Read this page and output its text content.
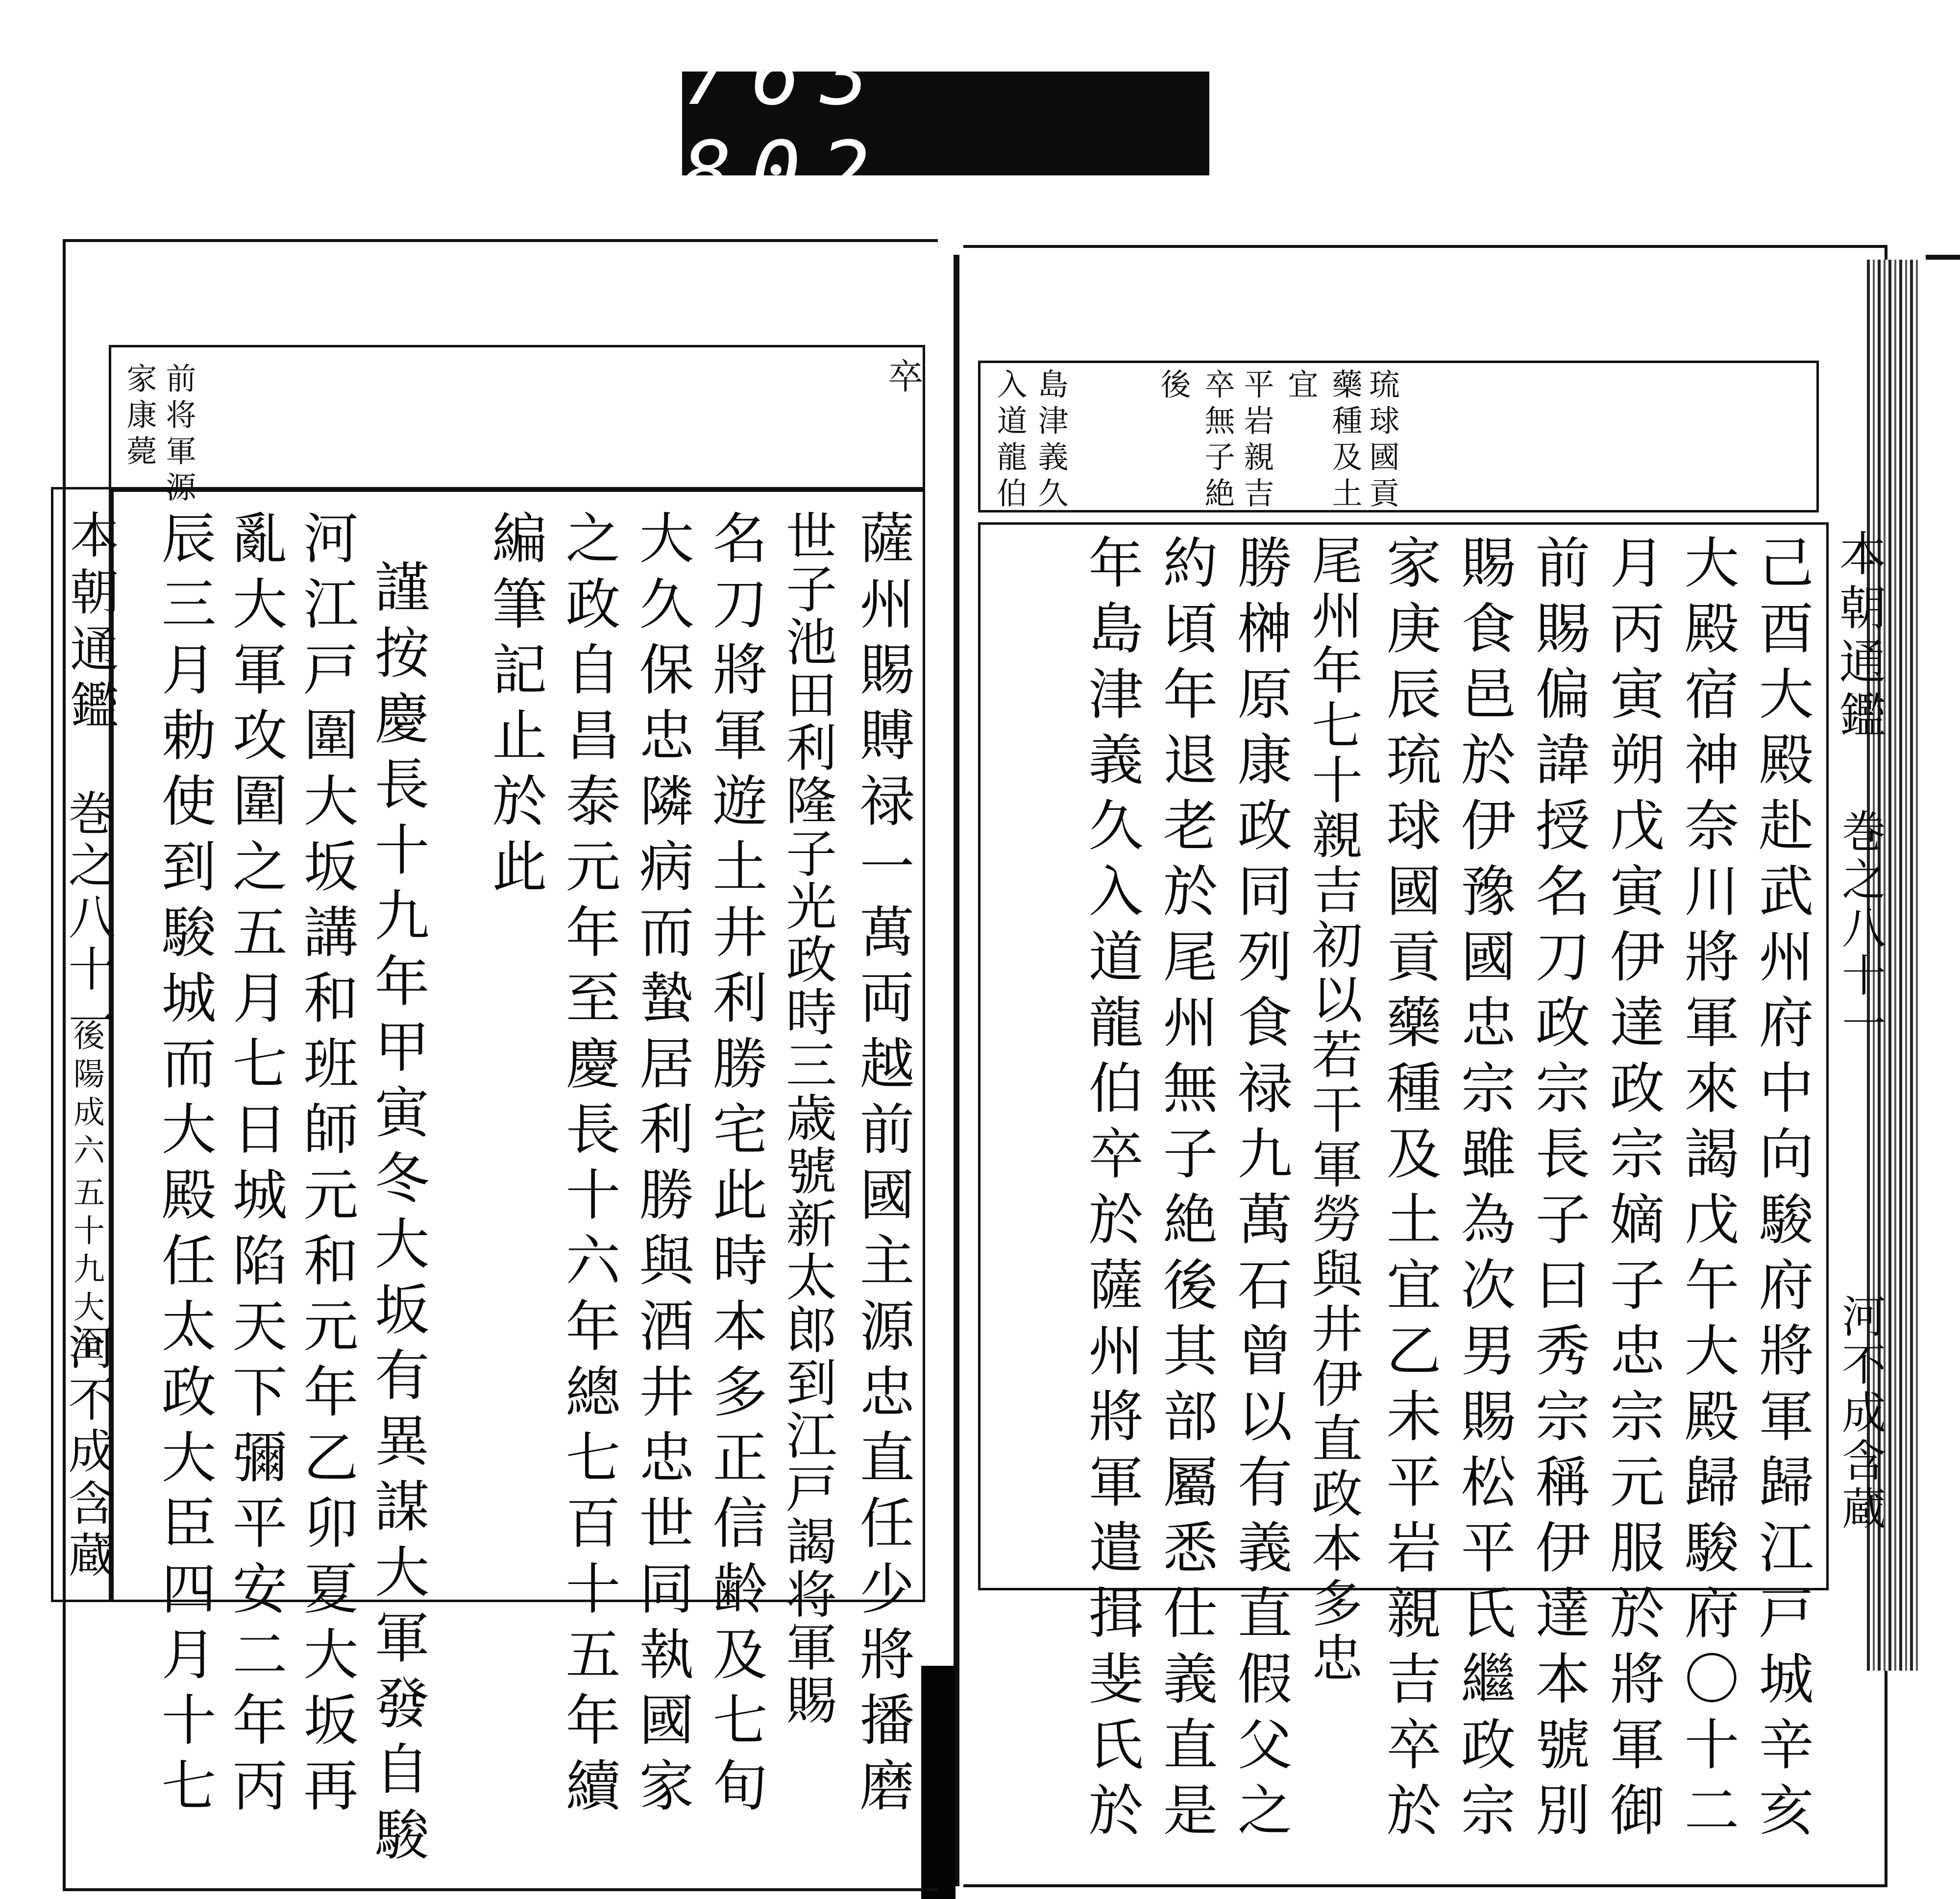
763 802.
本朝通鑑
巻之八十一
後陽成六
五十九大全
河不成含蔵
卒
前将軍源
家康薨
薩州賜賻禄一萬両越前國主源忠直任少將播磨
世子池田利隆子光政時三歳號新太郎到江戸謁将軍賜
名刀將軍遊土井利勝宅此時本多正信齢及七旬
大久保忠隣病而蟄居利勝與酒井忠世同執國家
之政自昌泰元年至慶長十六年總七百十五年續
編筆記止於此
謹按慶長十九年甲寅冬大坂有異謀大軍發自駿
河江戸圍大坂講和班師元和元年乙卯夏大坂再
亂大軍攻圍之五月七日城陷天下彌平安二年丙
辰三月勅使到駿城而大殿任太政大臣四月十七
琉球國貢
藥種及土
宜
平岩親吉
卒無子絶
後
島津義久
入道龍伯
己酉大殿赴武州府中向駿府將軍歸江戸城辛亥
大殿宿神奈川將軍來謁戊午大殿歸駿府〇十二
月丙寅朔戊寅伊達政宗嫡子忠宗元服於將軍御
前賜偏諱授名刀政宗長子曰秀宗稱伊達本號別
賜食邑於伊豫國忠宗雖為次男賜松平氏繼政宗
家庚辰琉球國貢藥種及土宜乙未平岩親吉卒於
尾州年七十親吉初以若干軍勞與井伊直政本多忠
勝榊原康政同列食禄九萬石曾以有義直假父之
約頃年退老於尾州無子絶後其部屬悉仕義直是
年島津義久入道龍伯卒於薩州將軍遣揖斐氏於	本朝通鑑
巻之八十一
河不成含蔵
